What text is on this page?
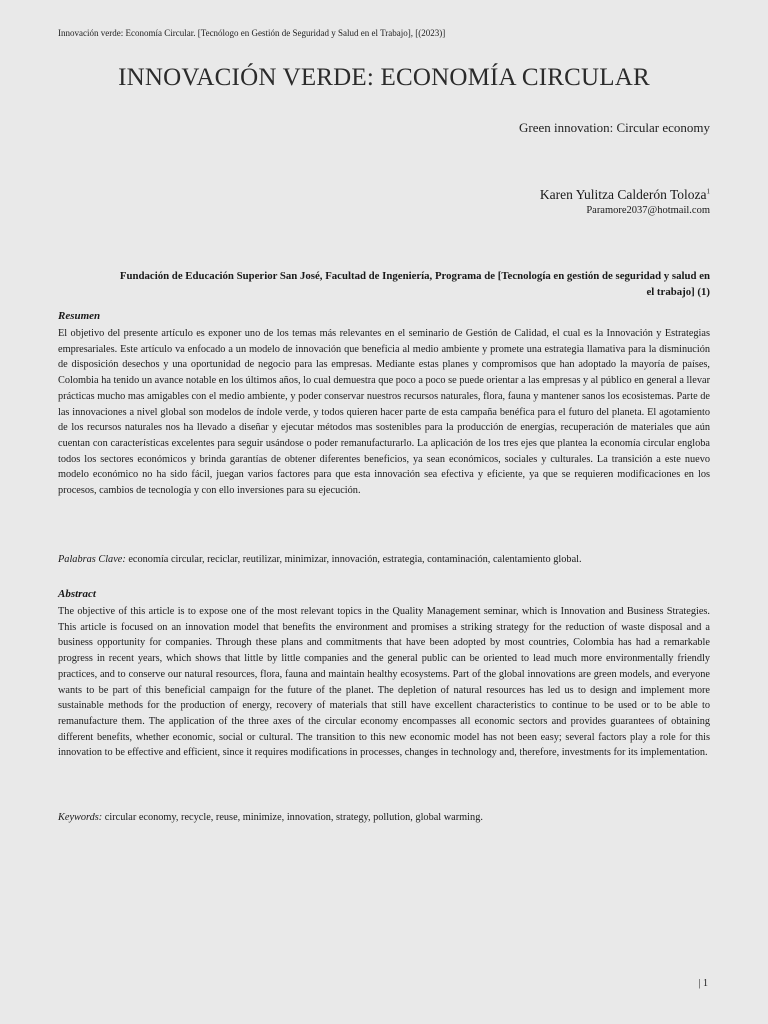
Innovación verde: Economía Circular. [Tecnólogo en Gestión de Seguridad y Salud en el Trabajo], [(2023)]
INNOVACIÓN VERDE: ECONOMÍA CIRCULAR
Green innovation: Circular economy
Karen Yulitza Calderón Toloza$^1$
Paramore2037@hotmail.com
Fundación de Educación Superior San José, Facultad de Ingeniería, Programa de [Tecnología en gestión de seguridad y salud en el trabajo] (1)
Resumen

El objetivo del presente artículo es exponer uno de los temas más relevantes en el seminario de Gestión de Calidad, el cual es la Innovación y Estrategias empresariales. Este artículo va enfocado a un modelo de innovación que beneficia al medio ambiente y promete una estrategia llamativa para la disminución de disposición desechos y una oportunidad de negocio para las empresas. Mediante estas planes y compromisos que han adoptado la mayoría de países, Colombia ha tenido un avance notable en los últimos años, lo cual demuestra que poco a poco se puede orientar a las empresas y al público en general a llevar prácticas mucho mas amigables con el medio ambiente, y poder conservar nuestros recursos naturales, flora, fauna y mantener sanos los ecosistemas. Parte de las innovaciones a nivel global son modelos de índole verde, y todos quieren hacer parte de esta campaña benéfica para el futuro del planeta. El agotamiento de los recursos naturales nos ha llevado a diseñar y ejecutar métodos mas sostenibles para la producción de energías, recuperación de materiales que aún cuentan con características excelentes para seguir usándose o poder remanufacturarlo. La aplicación de los tres ejes que plantea la economía circular engloba todos los sectores económicos y brinda garantías de obtener diferentes beneficios, ya sean económicos, sociales y culturales. La transición a este nuevo modelo económico no ha sido fácil, juegan varios factores para que esta innovación sea efectiva y eficiente, ya que se requieren modificaciones en los procesos, cambios de tecnología y con ello inversiones para su ejecución.

Palabras Clave: economía circular, reciclar, reutilizar, minimizar, innovación, estrategia, contaminación, calentamiento global.
Abstract

The objective of this article is to expose one of the most relevant topics in the Quality Management seminar, which is Innovation and Business Strategies. This article is focused on an innovation model that benefits the environment and promises a striking strategy for the reduction of waste disposal and a business opportunity for companies. Through these plans and commitments that have been adopted by most countries, Colombia has had a remarkable progress in recent years, which shows that little by little companies and the general public can be oriented to lead much more environmentally friendly practices, and to conserve our natural resources, flora, fauna and maintain healthy ecosystems. Part of the global innovations are green models, and everyone wants to be part of this beneficial campaign for the future of the planet. The depletion of natural resources has led us to design and implement more sustainable methods for the production of energy, recovery of materials that still have excellent characteristics to continue to be used or to be able to remanufacture them. The application of the three axes of the circular economy encompasses all economic sectors and provides guarantees of obtaining different benefits, whether economic, social or cultural. The transition to this new economic model has not been easy; several factors play a role for this innovation to be effective and efficient, since it requires modifications in processes, changes in technology and, therefore, investments for its implementation.

Keywords: circular economy, recycle, reuse, minimize, innovation, strategy, pollution, global warming.
| 1
